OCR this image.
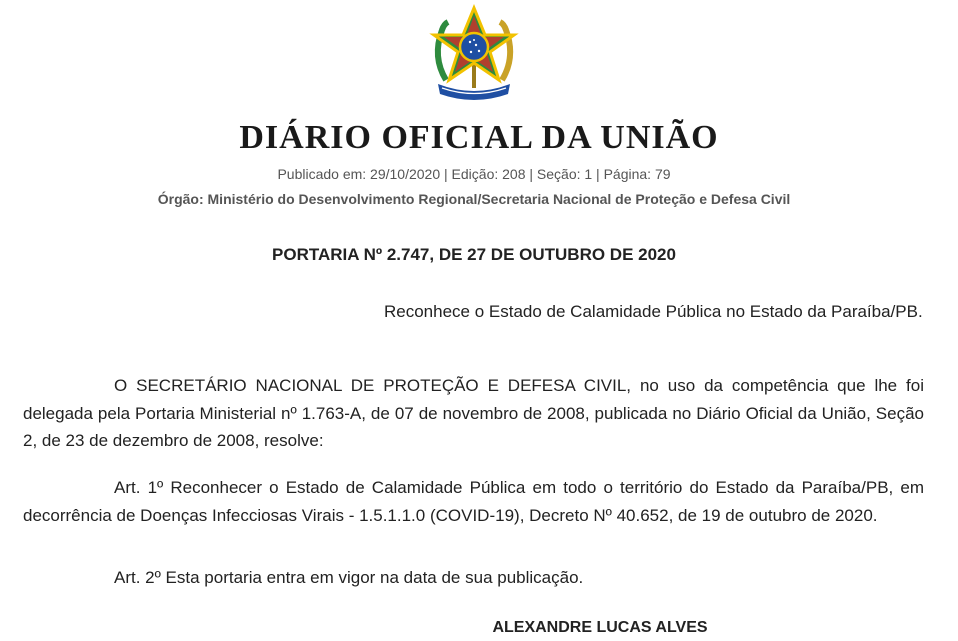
DIÁRIO OFICIAL DA UNIÃO
Publicado em: 29/10/2020 | Edição: 208 | Seção: 1 | Página: 79
Órgão: Ministério do Desenvolvimento Regional/Secretaria Nacional de Proteção e Defesa Civil
PORTARIA Nº 2.747, DE 27 DE OUTUBRO DE 2020

Reconhece o Estado de Calamidade Pública no Estado da Paraíba/PB.

O SECRETÁRIO NACIONAL DE PROTEÇÃO E DEFESA CIVIL, no uso da competência que lhe foi delegada pela Portaria Ministerial nº 1.763-A, de 07 de novembro de 2008, publicada no Diário Oficial da União, Seção 2, de 23 de dezembro de 2008, resolve:

Art. 1º Reconhecer o Estado de Calamidade Pública em todo o território do Estado da Paraíba/PB, em decorrência de Doenças Infecciosas Virais - 1.5.1.1.0 (COVID-19), Decreto Nº 40.652, de 19 de outubro de 2020.

Art. 2º Esta portaria entra em vigor na data de sua publicação.

ALEXANDRE LUCAS ALVES
